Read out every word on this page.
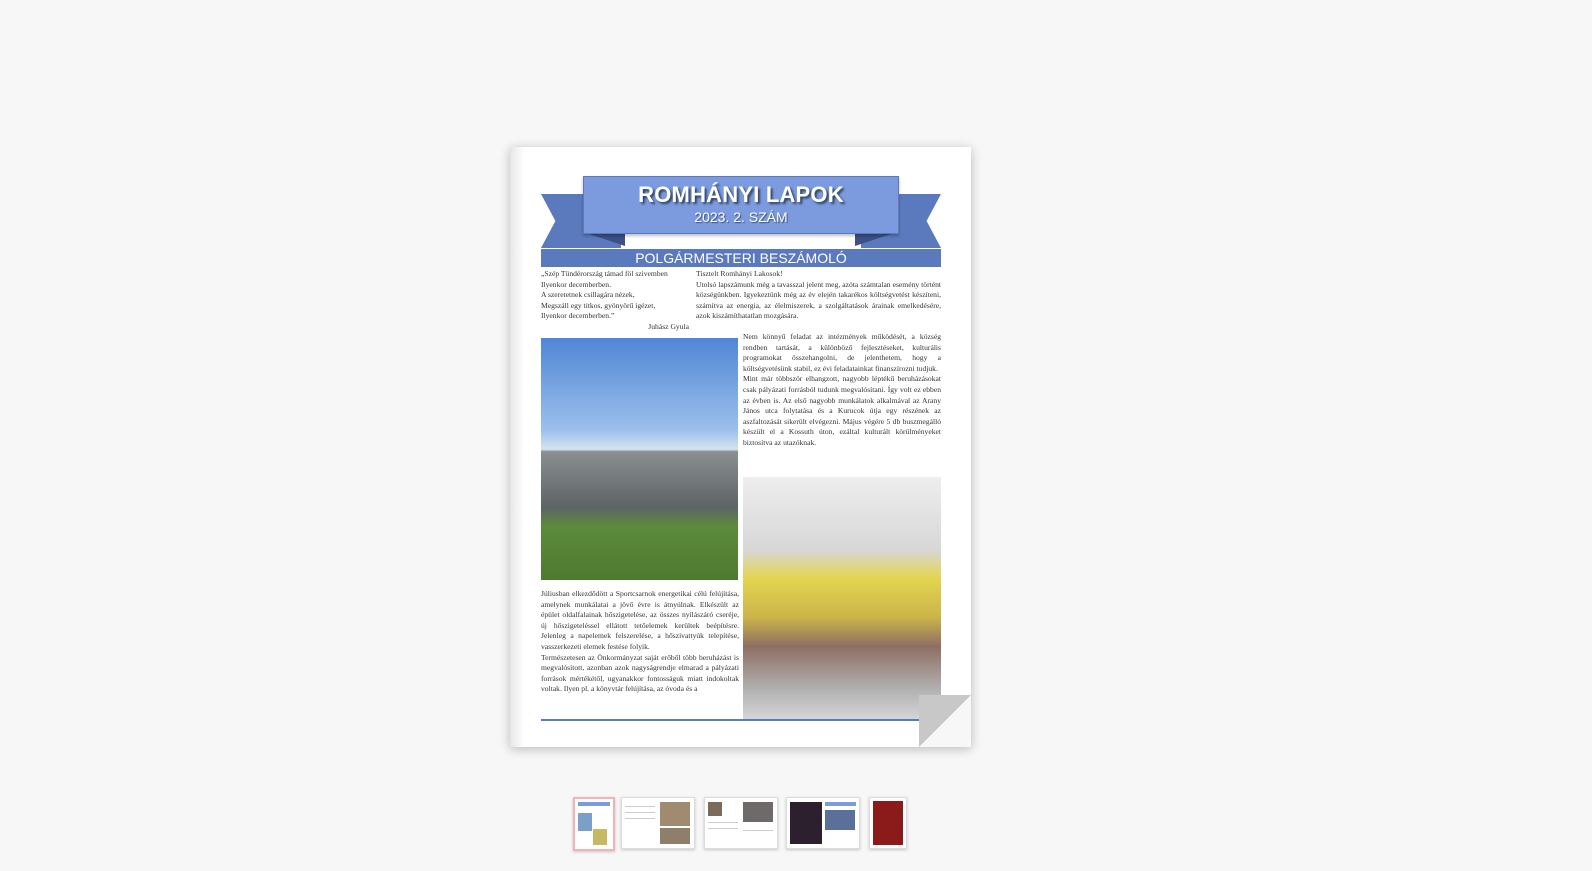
ROMHÁNYI LAPOK
2023. 2. SZÁM
POLGÁRMESTERI BESZÁMOLÓ

„Szép Tündérország támad föl szivemben

Ilyenkor decemberben.

A szeretetnek csillagára nézek,

Megszáll egy titkos, gyönyörű igézet,

Ilyenkor decemberben.”

Juhász Gyula

Tisztelt Romhányi Lakosok!

Utolsó lapszámunk még a tavasszal jelent meg, azóta számtalan esemény történt községünkben. Igyekeztünk még az év elején takarékos költségvetést készíteni, számítva az energia, az élelmiszerek, a szolgáltatások árainak emelkedésére, azok kiszámíthatatlan mozgására.

Nem könnyű feladat az intézmények működését, a község rendben tartását, a különböző fejlesztéseket, kulturális programokat összehangolni, de jelenthetem, hogy a költségvetésünk stabil, ez évi feladatainkat finanszírozni tudjuk.

Mint már többször elhangzott, nagyobb léptékű beruházásokat csak pályázati forrásból tudunk megvalósítani. Így volt ez ebben az évben is. Az első nagyobb munkálatok alkalmával az Arany János utca folytatása és a Kurucok útja egy részének az aszfaltozását sikerült elvégezni. Május végére 5 db buszmegálló készült el a Kossuth úton, ezáltal kulturált körülményeket biztosítva az utazóknak.

Júliusban elkezdődött a Sportcsarnok energetikai célú felújítása, amelynek munkálatai a jövő évre is átnyúlnak. Elkészült az épület oldalfalainak hőszigetelése, az összes nyílászáró cseréje, új hőszigeteléssel ellátott tetőelemek kerültek beépítésre. Jelenleg a napelemek felszerelése, a hőszivattyúk telepítése, vasszerkezeti elemek festése folyik.

Természetesen az Önkormányzat saját erőből több beruházást is megvalósított, azonban azok nagyságrendje elmarad a pályázati források mértékétől, ugyanakkor fontosságuk miatt indokoltak voltak. Ilyen pl. a könyvtár felújítása, az óvoda és a
